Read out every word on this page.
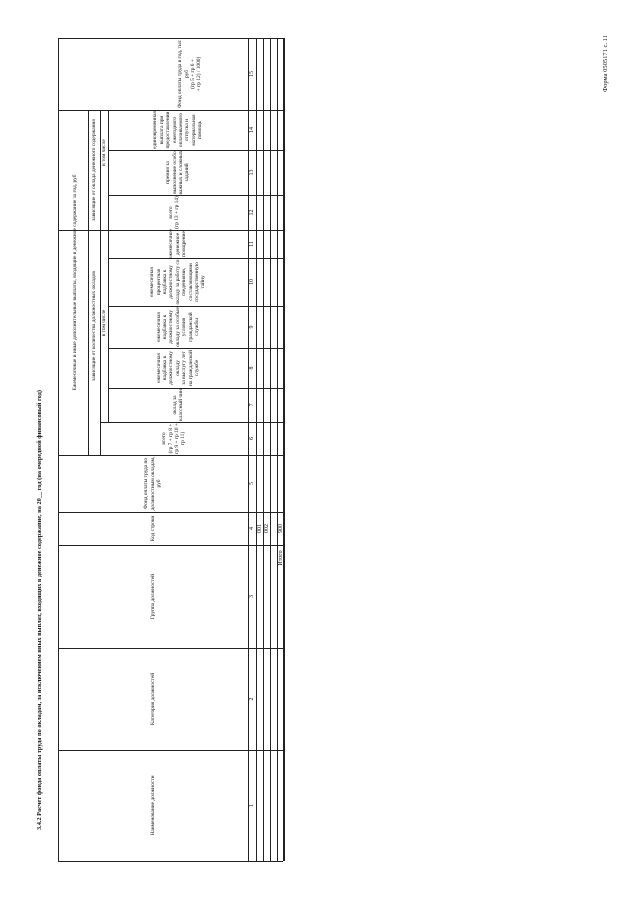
Форма 0505171 с. 11
3.4.2 Расчет фонда оплаты труда по окладам, за исключением иных выплат, входящих в денежное содержание, на 20__ год (на очередной финансовый год)
Фонд оплаты труда в год, тыс руб
(гр 5 + гр 6 +
+ гр 12) / 1000)
Ежемесячные и иные дополнительные выплаты, входящие в денежное содержание за год, руб	зависящие от количества должностных окладов
зависящие от оклада денежного содержания
в том числе
в том числе
единовременная выплата при предоставлении ежегодного оплачиваемого отпуска и материальная помощь
премия за выполнение особо важных и сложных заданий
всего
(гр 13 + гр 14)
ежемесячное денежное поощрение
ежемесячная процентная надбавка к должностному окладу за работу со сведениями, составляющими государственную тайну
ежемесячная надбавка к должностному окладу за особые условия гражданской службы
ежемесячная надбавка к должностному окладу
за выслугу лет на гражданской службе
оклад за классный чин
всего
(гр 7 + гр 8 + гр 9 + гр 10 + гр 11)
Фонд оплаты труда по должностным окладам, руб
Код строки
Группа должностей
Категория должностей
Наименование должности
15
14
13
12
11
10
9
8
7
6
5
4
3
2
1
001 002 900
Итого
